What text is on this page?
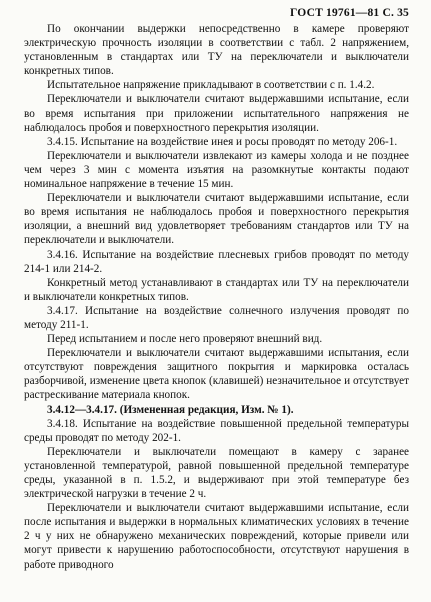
ГОСТ 19761—81 С. 35

По окончании выдержки непосредственно в камере проверяют электрическую прочность изоляции в соответствии с табл. 2 напряжением, установленным в стандартах или ТУ на переключатели и выключатели конкретных типов.

Испытательное напряжение прикладывают в соответствии с п. 1.4.2.

Переключатели и выключатели считают выдержавшими испытание, если во время испытания при приложении испытательного напряжения не наблюдалось пробоя и поверхностного перекрытия изоляции.

3.4.15. Испытание на воздействие инея и росы проводят по методу 206-1.

Переключатели и выключатели извлекают из камеры холода и не позднее чем через 3 мин с момента изъятия на разомкнутые контакты подают номинальное напряжение в течение 15 мин.

Переключатели и выключатели считают выдержавшими испытание, если во время испытания не наблюдалось пробоя и поверхностного перекрытия изоляции, а внешний вид удовлетворяет требованиям стандартов или ТУ на переключатели и выключатели.

3.4.16. Испытание на воздействие плесневых грибов проводят по методу 214-1 или 214-2.

Конкретный метод устанавливают в стандартах или ТУ на переключатели и выключатели конкретных типов.

3.4.17. Испытание на воздействие солнечного излучения проводят по методу 211-1.

Перед испытанием и после него проверяют внешний вид.

Переключатели и выключатели считают выдержавшими испытания, если отсутствуют повреждения защитного покрытия и маркировка осталась разборчивой, изменение цвета кнопок (клавишей) незначительное и отсутствует растрескивание материала кнопок.

3.4.12—3.4.17. (Измененная редакция, Изм. № 1).

3.4.18. Испытание на воздействие повышенной предельной температуры среды проводят по методу 202-1.

Переключатели и выключатели помещают в камеру с заранее установленной температурой, равной повышенной предельной температуре среды, указанной в п. 1.5.2, и выдерживают при этой температуре без электрической нагрузки в течение 2 ч.

Переключатели и выключатели считают выдержавшими испытание, если после испытания и выдержки в нормальных климатических условиях в течение 2 ч у них не обнаружено механических повреждений, которые привели или могут привести к нарушению работоспособности, отсутствуют нарушения в работе приводного
